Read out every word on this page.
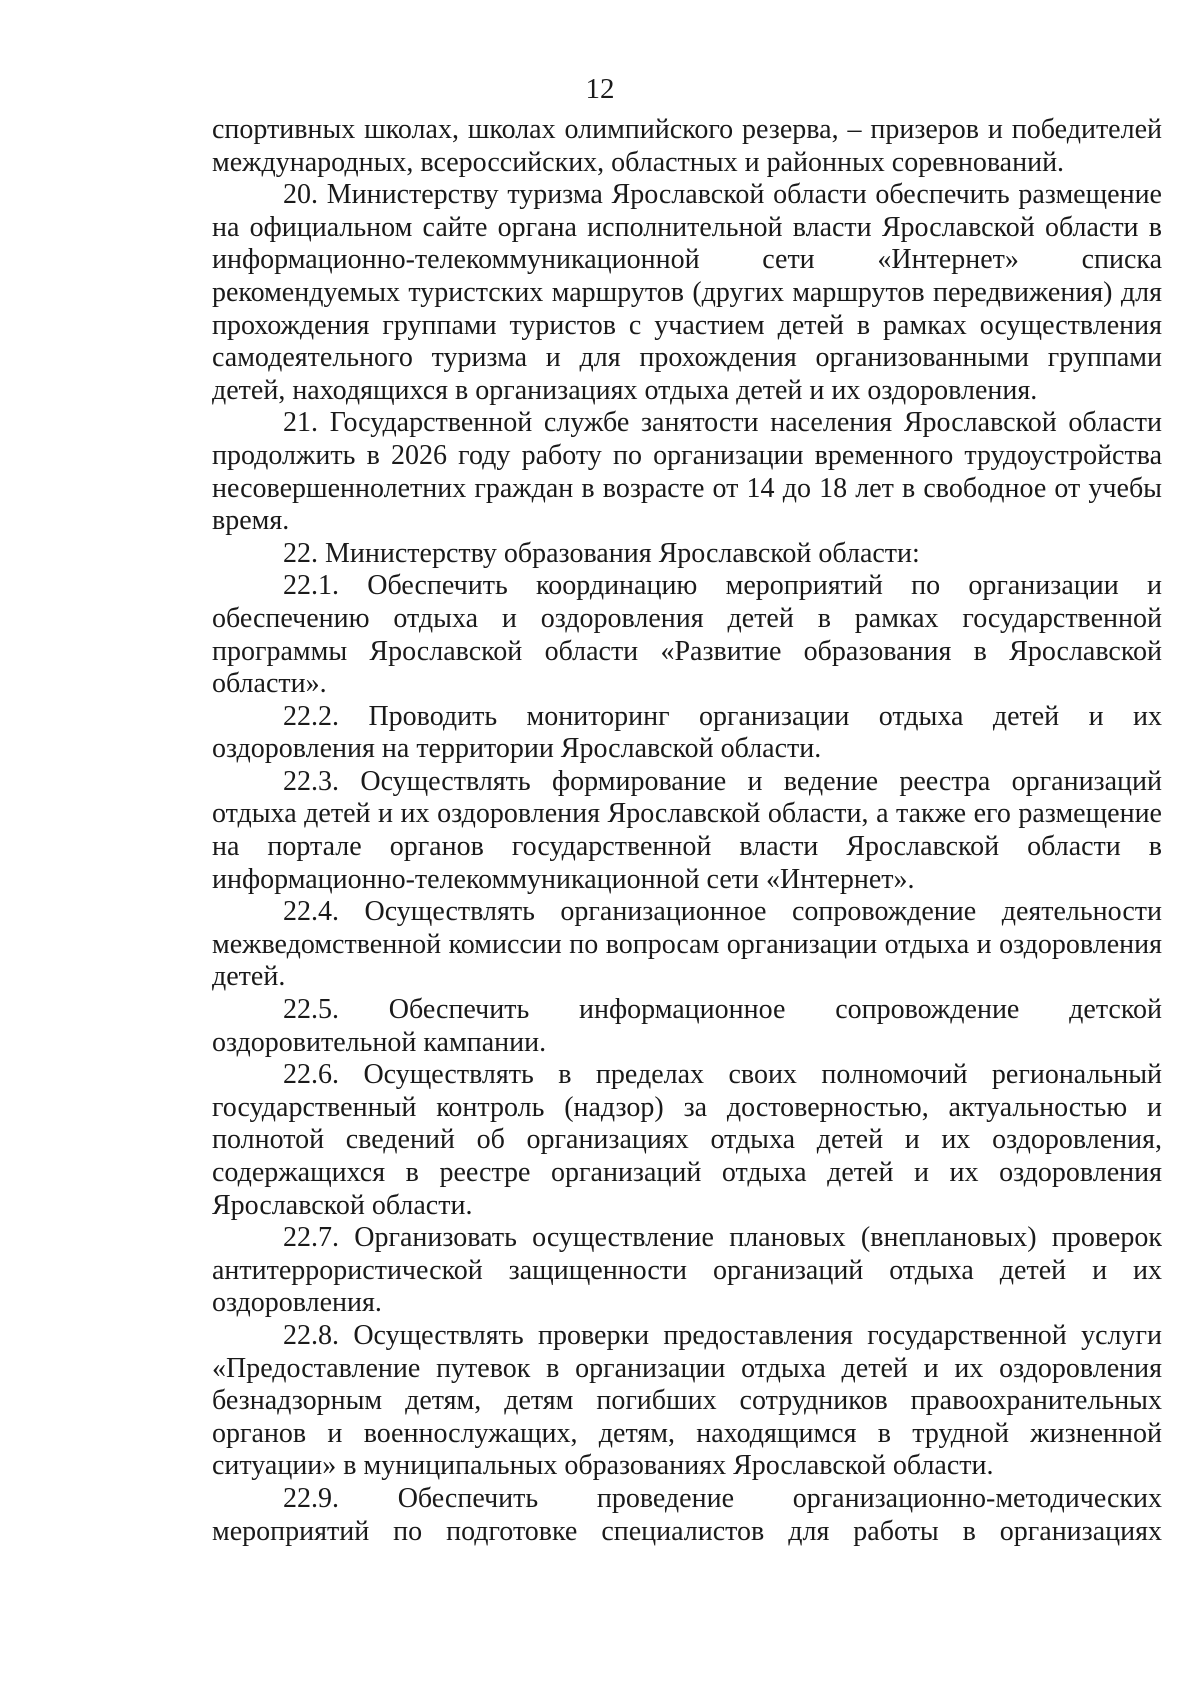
12

спортивных школах, школах олимпийского резерва, – призеров и победителей международных, всероссийских, областных и районных соревнований.

20. Министерству туризма Ярославской области обеспечить размещение на официальном сайте органа исполнительной власти Ярославской области в информационно-телекоммуникационной сети «Интернет» списка рекомендуемых туристских маршрутов (других маршрутов передвижения) для прохождения группами туристов с участием детей в рамках осуществления самодеятельного туризма и для прохождения организованными группами детей, находящихся в организациях отдыха детей и их оздоровления.

21. Государственной службе занятости населения Ярославской области продолжить в 2026 году работу по организации временного трудоустройства несовершеннолетних граждан в возрасте от 14 до 18 лет в свободное от учебы время.

22. Министерству образования Ярославской области:

22.1. Обеспечить координацию мероприятий по организации и обеспечению отдыха и оздоровления детей в рамках государственной программы Ярославской области «Развитие образования в Ярославской области».

22.2. Проводить мониторинг организации отдыха детей и их оздоровления на территории Ярославской области.

22.3. Осуществлять формирование и ведение реестра организаций отдыха детей и их оздоровления Ярославской области, а также его размещение на портале органов государственной власти Ярославской области в информационно-телекоммуникационной сети «Интернет».

22.4. Осуществлять организационное сопровождение деятельности межведомственной комиссии по вопросам организации отдыха и оздоровления детей.

22.5. Обеспечить информационное сопровождение детской оздоровительной кампании.

22.6. Осуществлять в пределах своих полномочий региональный государственный контроль (надзор) за достоверностью, актуальностью и полнотой сведений об организациях отдыха детей и их оздоровления, содержащихся в реестре организаций отдыха детей и их оздоровления Ярославской области.

22.7. Организовать осуществление плановых (внеплановых) проверок антитеррористической защищенности организаций отдыха детей и их оздоровления.

22.8. Осуществлять проверки предоставления государственной услуги «Предоставление путевок в организации отдыха детей и их оздоровления безнадзорным детям, детям погибших сотрудников правоохранительных органов и военнослужащих, детям, находящимся в трудной жизненной ситуации» в муниципальных образованиях Ярославской области.

22.9. Обеспечить проведение организационно-методических мероприятий по подготовке специалистов для работы в организациях
